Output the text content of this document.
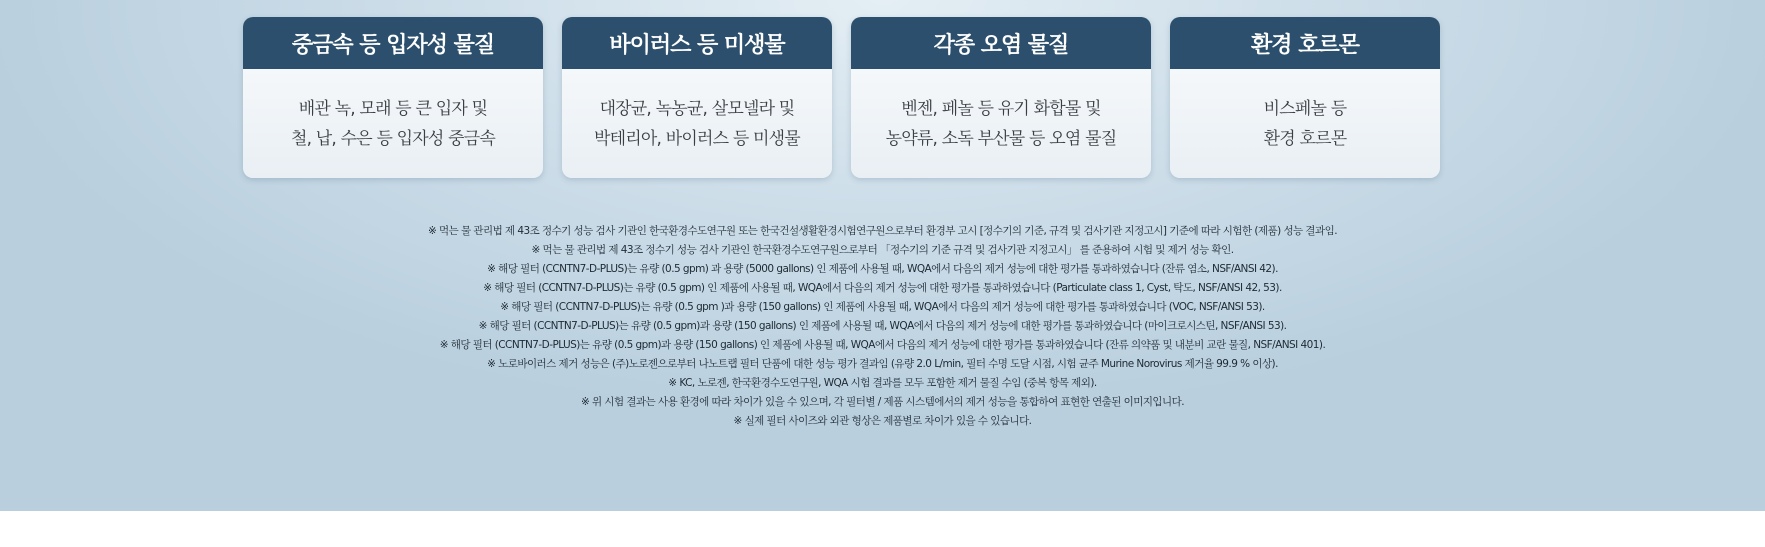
중금속 등 입자성 물질
배관 녹, 모래 등 큰 입자 및
철, 납, 수은 등 입자성 중금속
바이러스 등 미생물
대장균, 녹농균, 살모넬라 및
박테리아, 바이러스 등 미생물
각종 오염 물질
벤젠, 페놀 등 유기 화합물 및
농약류, 소독 부산물 등 오염 물질
환경 호르몬
비스페놀 등
환경 호르몬
※ 먹는 물 관리법 제 43조 정수기 성능 검사 기관인 한국환경수도연구원 또는 한국건설생활환경시험연구원으로부터 환경부 고시 [정수기의 기준, 규격 및 검사기관 지정고시] 기준에 따라 시험한 (제품) 성능 결과임.
※ 먹는 물 관리법 제 43조 정수기 성능 검사 기관인 한국환경수도연구원으로부터 「정수기의 기준 규격 및 검사기관 지정고시」 를 준용하여 시험 및 제거 성능 확인.
※ 해당 필터 (CCNTN7-D-PLUS)는 유량 (0.5 gpm) 과 용량 (5000 gallons) 인 제품에 사용될 때, WQA에서 다음의 제거 성능에 대한 평가를 통과하였습니다 (잔류 염소, NSF/ANSI 42).
※ 해당 필터 (CCNTN7-D-PLUS)는 유량 (0.5 gpm) 인 제품에 사용될 때, WQA에서 다음의 제거 성능에 대한 평가를 통과하였습니다 (Particulate class 1, Cyst, 탁도, NSF/ANSI 42, 53).
※ 해당 필터 (CCNTN7-D-PLUS)는 유량 (0.5 gpm )과 용량 (150 gallons) 인 제품에 사용될 때, WQA에서 다음의 제거 성능에 대한 평가를 통과하였습니다 (VOC, NSF/ANSI 53).
※ 해당 필터 (CCNTN7-D-PLUS)는 유량 (0.5 gpm)과 용량 (150 gallons) 인 제품에 사용될 때, WQA에서 다음의 제거 성능에 대한 평가를 통과하였습니다 (마이크로시스틴, NSF/ANSI 53).
※ 해당 필터 (CCNTN7-D-PLUS)는 유량 (0.5 gpm)과 용량 (150 gallons) 인 제품에 사용될 때, WQA에서 다음의 제거 성능에 대한 평가를 통과하였습니다 (잔류 의약품 및 내분비 교란 물질, NSF/ANSI 401).
※ 노로바이러스 제거 성능은 (주)노로젠으로부터 나노트랩 필터 단품에 대한 성능 평가 결과임 (유량 2.0 L/min, 필터 수명 도달 시점, 시험 균주 Murine Norovirus 제거율 99.9 % 이상).
※ KC, 노로젠, 한국환경수도연구원, WQA 시험 결과를 모두 포함한 제거 물질 수임 (중복 항목 제외).
※ 위 시험 결과는 사용 환경에 따라 차이가 있을 수 있으며, 각 필터별 / 제품 시스템에서의 제거 성능을 통합하여 표현한 연출된 이미지입니다.
※ 실제 필터 사이즈와 외관 형상은 제품별로 차이가 있을 수 있습니다.
